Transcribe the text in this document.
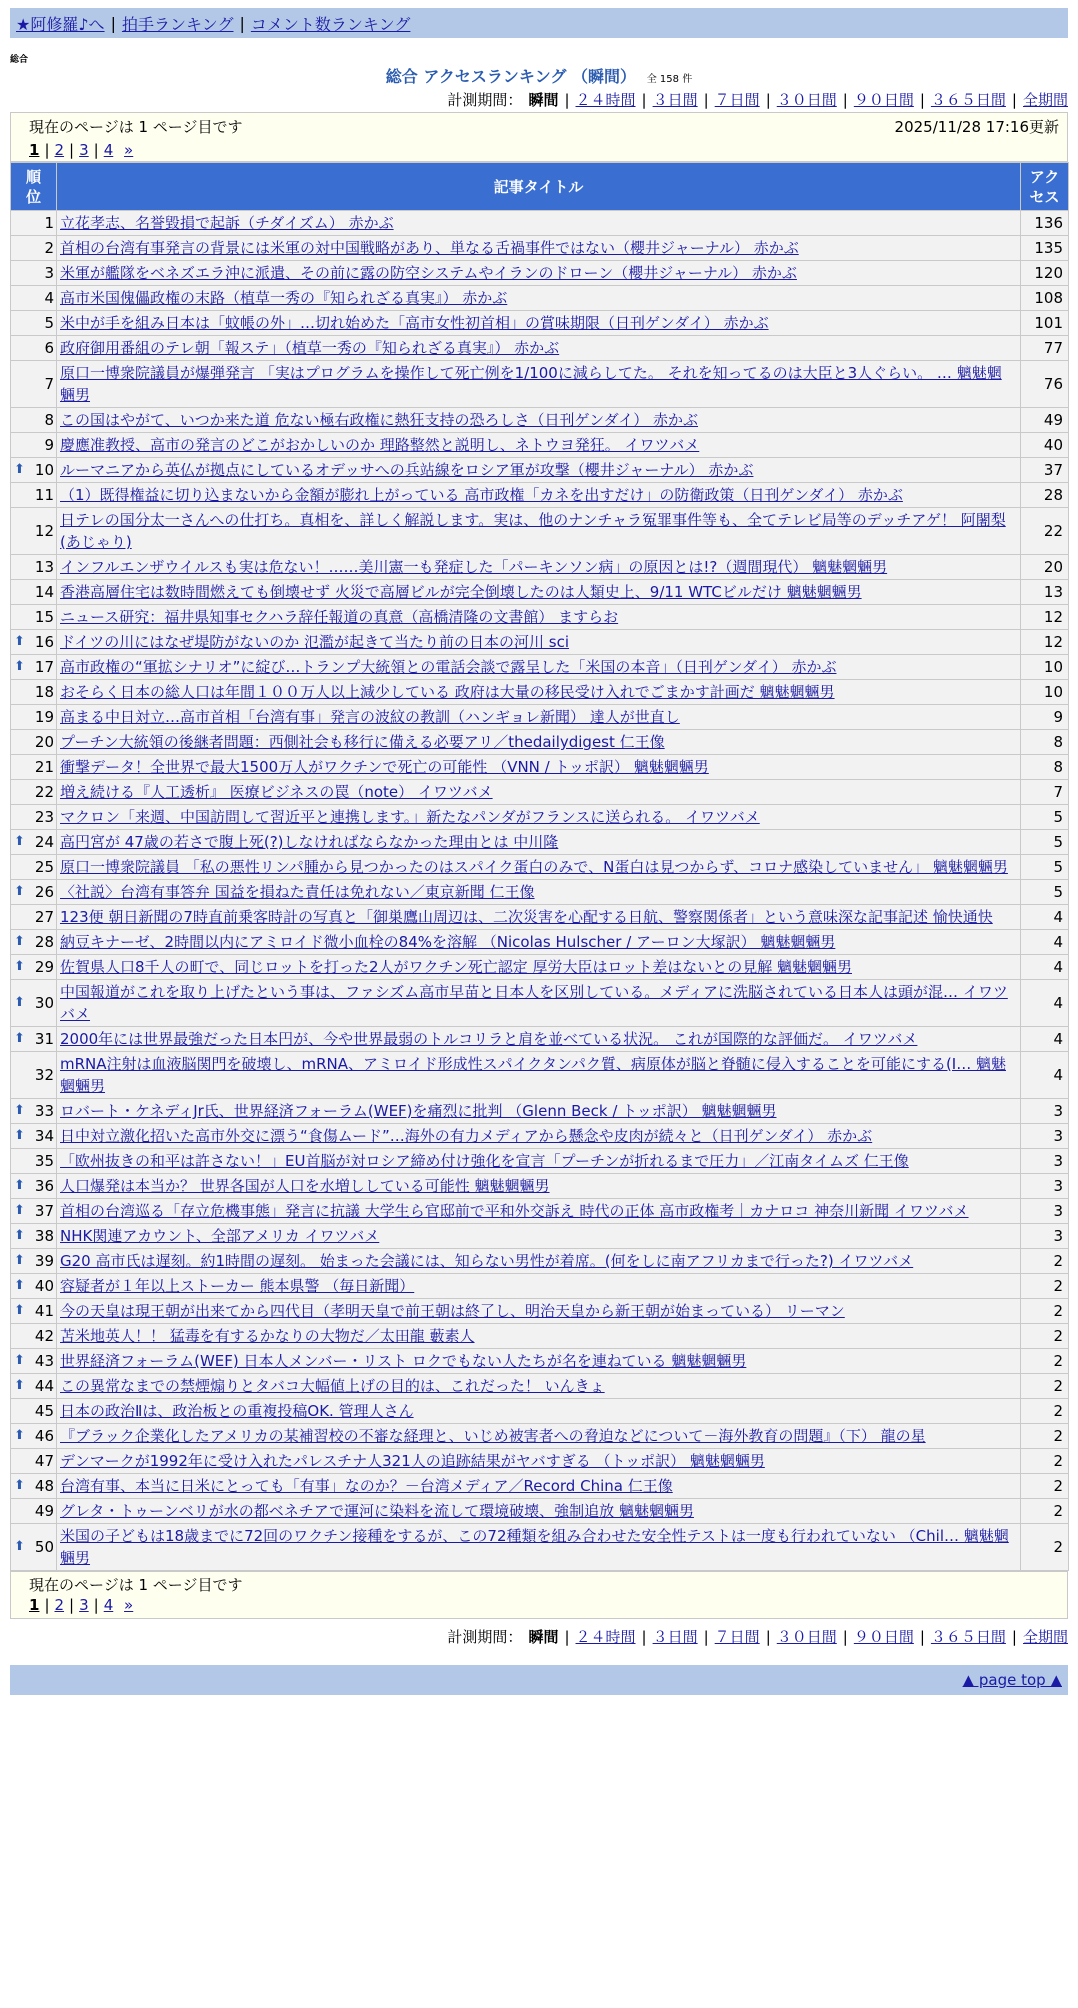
★阿修羅♪へ | 拍手ランキング | コメント数ランキング
総合
総合 アクセスランキング （瞬間） 全 158 件
計測期間： 瞬間 | ２４時間 | ３日間 | ７日間 | ３０日間 | ９０日間 | ３６５日間 | 全期間
現在のページは 1 ページ目です	2025/11/28 17:16更新
1 | 2 | 3 | 4 »
順
位	記事タイトル	アク
セス
1	立花孝志、名誉毀損で起訴（チダイズム） 赤かぶ	136
2	首相の台湾有事発言の背景には米軍の対中国戦略があり、単なる舌禍事件ではない（櫻井ジャーナル） 赤かぶ	135
3	米軍が艦隊をベネズエラ沖に派遣、その前に露の防空システムやイランのドローン（櫻井ジャーナル） 赤かぶ	120
4	高市米国傀儡政権の末路（植草一秀の『知られざる真実』） 赤かぶ	108
5	米中が手を組み日本は「蚊帳の外」…切れ始めた「高市女性初首相」の賞味期限（日刊ゲンダイ） 赤かぶ	101
6	政府御用番組のテレ朝「報ステ」（植草一秀の『知られざる真実』） 赤かぶ	77
7	原口一博衆院議員が爆弾発言 「実はプログラムを操作して死亡例を1/100に減らしてた。 それを知ってるのは大臣と3人ぐらい。 … 魑魅魍魎男	76
8	この国はやがて、いつか来た道 危ない極右政権に熱狂支持の恐ろしさ（日刊ゲンダイ） 赤かぶ	49
9	慶應准教授、高市の発言のどこがおかしいのか 理路整然と説明し、ネトウヨ発狂。 イワツバメ	40

⬆ 10	ルーマニアから英仏が拠点にしているオデッサへの兵站線をロシア軍が攻撃（櫻井ジャーナル） 赤かぶ	37
11	（1）既得権益に切り込まないから金額が膨れ上がっている 高市政権「カネを出すだけ」の防衛政策（日刊ゲンダイ） 赤かぶ	28
12	日テレの国分太一さんへの仕打ち。真相を、詳しく解説します。実は、他のナンチャラ冤罪事件等も、全てテレビ局等のデッチアゲ！ 阿闍梨(あじゃり)	22
13	インフルエンザウイルスも実は危ない！……美川憲一も発症した「パーキンソン病」の原因とは!?（週間現代） 魑魅魍魎男	20
14	香港高層住宅は数時間燃えても倒壊せず 火災で高層ビルが完全倒壊したのは人類史上、9/11 WTCビルだけ 魑魅魍魎男	13
15	ニュース研究：福井県知事セクハラ辞任報道の真意（高橋清隆の文書館） ますらお	12

⬆ 16	ドイツの川にはなぜ堤防がないのか 氾濫が起きて当たり前の日本の河川 sci	12

⬆ 17	高市政権の“軍拡シナリオ”に綻び…トランプ大統領との電話会談で露呈した「米国の本音」（日刊ゲンダイ） 赤かぶ	10
18	おそらく日本の総人口は年間１００万人以上減少している 政府は大量の移民受け入れでごまかす計画だ 魑魅魍魎男	10
19	高まる中日対立…高市首相「台湾有事」発言の波紋の教訓（ハンギョレ新聞） 達人が世直し	9
20	プーチン大統領の後継者問題：西側社会も移行に備える必要アリ／thedailydigest 仁王像	8
21	衝撃データ！全世界で最大1500万人がワクチンで死亡の可能性 （VNN / トッポ訳） 魑魅魍魎男	8
22	増え続ける『人工透析』 医療ビジネスの罠（note） イワツバメ	7
23	マクロン「来週、中国訪問して習近平と連携します。」新たなパンダがフランスに送られる。 イワツバメ	5

⬆ 24	高円宮が 47歳の若さで腹上死(?)しなければならなかった理由とは 中川隆	5
25	原口一博衆院議員 「私の悪性リンパ腫から見つかったのはスパイク蛋白のみで、N蛋白は見つからず、コロナ感染していません」 魑魅魍魎男	5

⬆ 26	〈社説〉台湾有事答弁 国益を損ねた責任は免れない／東京新聞 仁王像	5
27	123便 朝日新聞の7時直前乗客時計の写真と「御巣鷹山周辺は、二次災害を心配する日航、警察関係者」という意味深な記事記述 愉快通快	4

⬆ 28	納豆キナーゼ、2時間以内にアミロイド微小血栓の84%を溶解 （Nicolas Hulscher / アーロン大塚訳） 魑魅魍魎男	4

⬆ 29	佐賀県人口8千人の町で、同じロットを打った2人がワクチン死亡認定 厚労大臣はロット差はないとの見解 魑魅魍魎男	4

⬆ 30	中国報道がこれを取り上げたという事は、ファシズム高市早苗と日本人を区別している。メディアに洗脳されている日本人は頭が混… イワツバメ	4

⬆ 31	2000年には世界最強だった日本円が、今や世界最弱のトルコリラと肩を並べている状況。 これが国際的な評価だ。 イワツバメ	4
32	mRNA注射は血液脳関門を破壊し、mRNA、アミロイド形成性スパイクタンパク質、病原体が脳と脊髄に侵入することを可能にする(I… 魑魅魍魎男	4

⬆ 33	ロバート・ケネディJr氏、世界経済フォーラム(WEF)を痛烈に批判 （Glenn Beck / トッポ訳） 魑魅魍魎男	3

⬆ 34	日中対立激化招いた高市外交に漂う“食傷ムード”…海外の有力メディアから懸念や皮肉が続々と（日刊ゲンダイ） 赤かぶ	3
35	「欧州抜きの和平は許さない！」EU首脳が対ロシア締め付け強化を宣言「プーチンが折れるまで圧力」／江南タイムズ 仁王像	3

⬆ 36	人口爆発は本当か？ 世界各国が人口を水増ししている可能性 魑魅魍魎男	3

⬆ 37	首相の台湾巡る「存立危機事態」発言に抗議 大学生ら官邸前で平和外交訴え 時代の正体 高市政権考｜カナロコ 神奈川新聞 イワツバメ	3

⬆ 38	NHK関連アカウント、全部アメリカ イワツバメ	3

⬆ 39	G20 高市氏は遅刻。約1時間の遅刻。 始まった会議には、知らない男性が着席。(何をしに南アフリカまで行った?) イワツバメ	2

⬆ 40	容疑者が１年以上ストーカー 熊本県警 （毎日新聞）	2

⬆ 41	今の天皇は現王朝が出来てから四代目（孝明天皇で前王朝は終了し、明治天皇から新王朝が始まっている） リーマン	2
42	苫米地英人！！ 猛毒を有するかなりの大物だ／太田龍 藪素人	2

⬆ 43	世界経済フォーラム(WEF) 日本人メンバー・リスト ロクでもない人たちが名を連ねている 魑魅魍魎男	2

⬆ 44	この異常なまでの禁煙煽りとタバコ大幅値上げの目的は、これだった！ いんきょ	2
45	日本の政治Ⅱは、政治板との重複投稿OK. 管理人さん	2

⬆ 46	『ブラック企業化したアメリカの某補習校の不審な経理と、いじめ被害者への脅迫などについて－海外教育の問題』（下） 龍の星	2
47	デンマークが1992年に受け入れたパレスチナ人321人の追跡結果がヤバすぎる （トッポ訳） 魑魅魍魎男	2

⬆ 48	台湾有事、本当に日米にとっても「有事」なのか？－台湾メディア／Record China 仁王像	2
49	グレタ・トゥーンベリが水の都ベネチアで運河に染料を流して環境破壊、強制追放 魑魅魍魎男	2

⬆ 50	米国の子どもは18歳までに72回のワクチン接種をするが、この72種類を組み合わせた安全性テストは一度も行われていない （Chil… 魑魅魍魎男	2
現在のページは 1 ページ目です
1 | 2 | 3 | 4 »
計測期間： 瞬間 | ２４時間 | ３日間 | ７日間 | ３０日間 | ９０日間 | ３６５日間 | 全期間
▲ page top ▲
